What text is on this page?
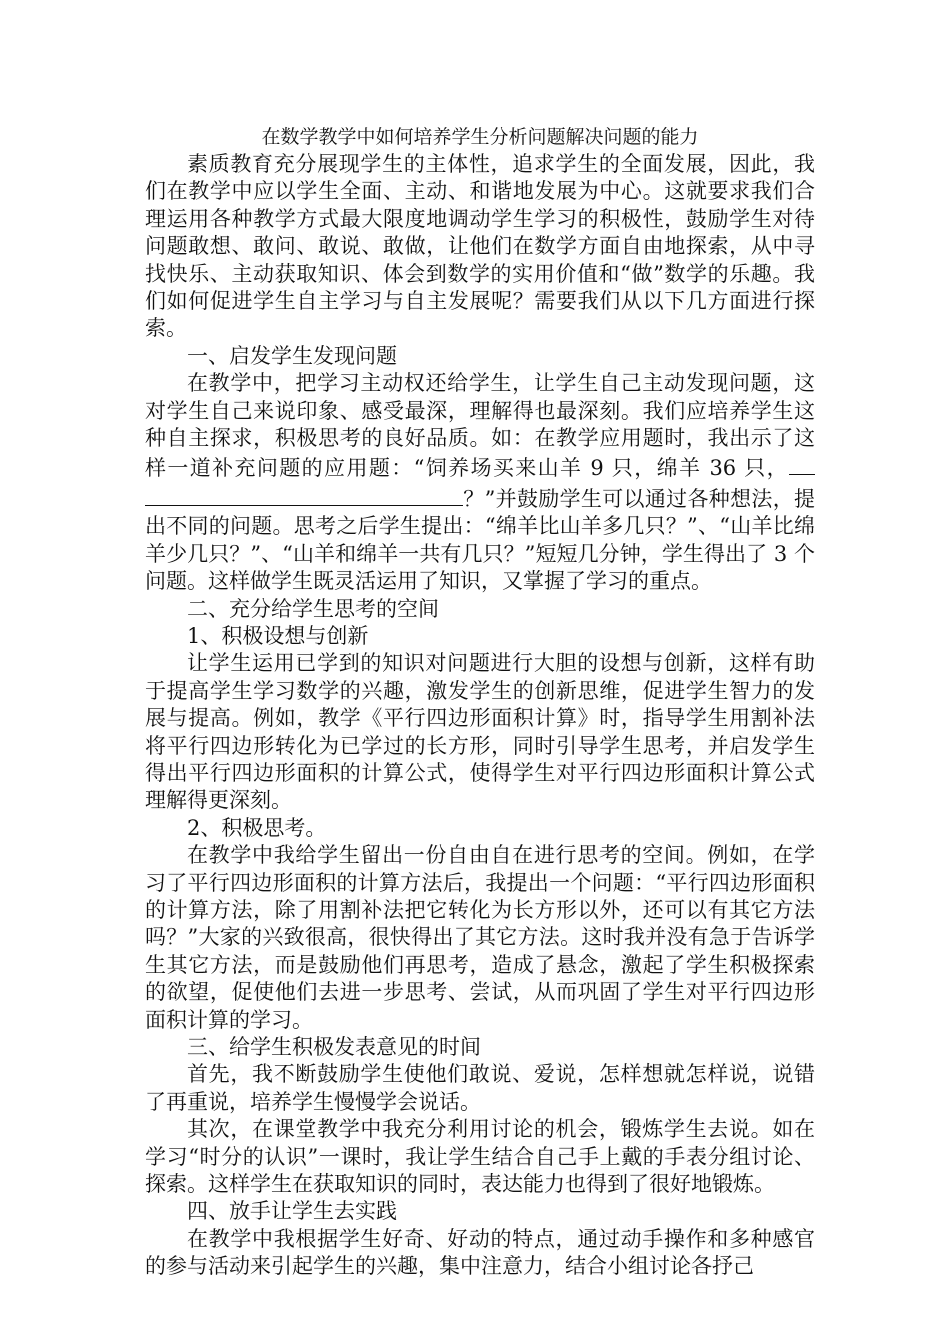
在数学教学中如何培养学生分析问题解决问题的能力

素质教育充分展现学生的主体性，追求学生的全面发展，因此，我们在教学中应以学生全面、主动、和谐地发展为中心。这就要求我们合理运用各种教学方式最大限度地调动学生学习的积极性，鼓励学生对待问题敢想、敢问、敢说、敢做，让他们在数学方面自由地探索，从中寻找快乐、主动获取知识、体会到数学的实用价值和“做”数学的乐趣。我们如何促进学生自主学习与自主发展呢？需要我们从以下几方面进行探索。

一、启发学生发现问题

在教学中，把学习主动权还给学生，让学生自己主动发现问题，这对学生自己来说印象、感受最深，理解得也最深刻。我们应培养学生这种自主探求，积极思考的良好品质。如：在教学应用题时，我出示了这样一道补充问题的应用题：“饲养场买来山羊 9 只，绵羊 36 只，？”并鼓励学生可以通过各种想法，提出不同的问题。思考之后学生提出：“绵羊比山羊多几只？”、“山羊比绵羊少几只？”、“山羊和绵羊一共有几只？”短短几分钟，学生得出了 3 个问题。这样做学生既灵活运用了知识，又掌握了学习的重点。

二、充分给学生思考的空间

1、积极设想与创新

让学生运用已学到的知识对问题进行大胆的设想与创新，这样有助于提高学生学习数学的兴趣，激发学生的创新思维，促进学生智力的发展与提高。例如，教学《平行四边形面积计算》时，指导学生用割补法将平行四边形转化为已学过的长方形，同时引导学生思考，并启发学生得出平行四边形面积的计算公式，使得学生对平行四边形面积计算公式理解得更深刻。

2、积极思考。

在教学中我给学生留出一份自由自在进行思考的空间。例如，在学习了平行四边形面积的计算方法后，我提出一个问题：“平行四边形面积的计算方法，除了用割补法把它转化为长方形以外，还可以有其它方法吗？”大家的兴致很高，很快得出了其它方法。这时我并没有急于告诉学生其它方法，而是鼓励他们再思考，造成了悬念，激起了学生积极探索的欲望，促使他们去进一步思考、尝试，从而巩固了学生对平行四边形面积计算的学习。

三、给学生积极发表意见的时间

首先，我不断鼓励学生使他们敢说、爱说，怎样想就怎样说，说错了再重说，培养学生慢慢学会说话。

其次，在课堂教学中我充分利用讨论的机会，锻炼学生去说。如在学习“时分的认识”一课时，我让学生结合自己手上戴的手表分组讨论、探索。这样学生在获取知识的同时，表达能力也得到了很好地锻炼。

四、放手让学生去实践

在教学中我根据学生好奇、好动的特点，通过动手操作和多种感官的参与活动来引起学生的兴趣，集中注意力，结合小组讨论各抒己
